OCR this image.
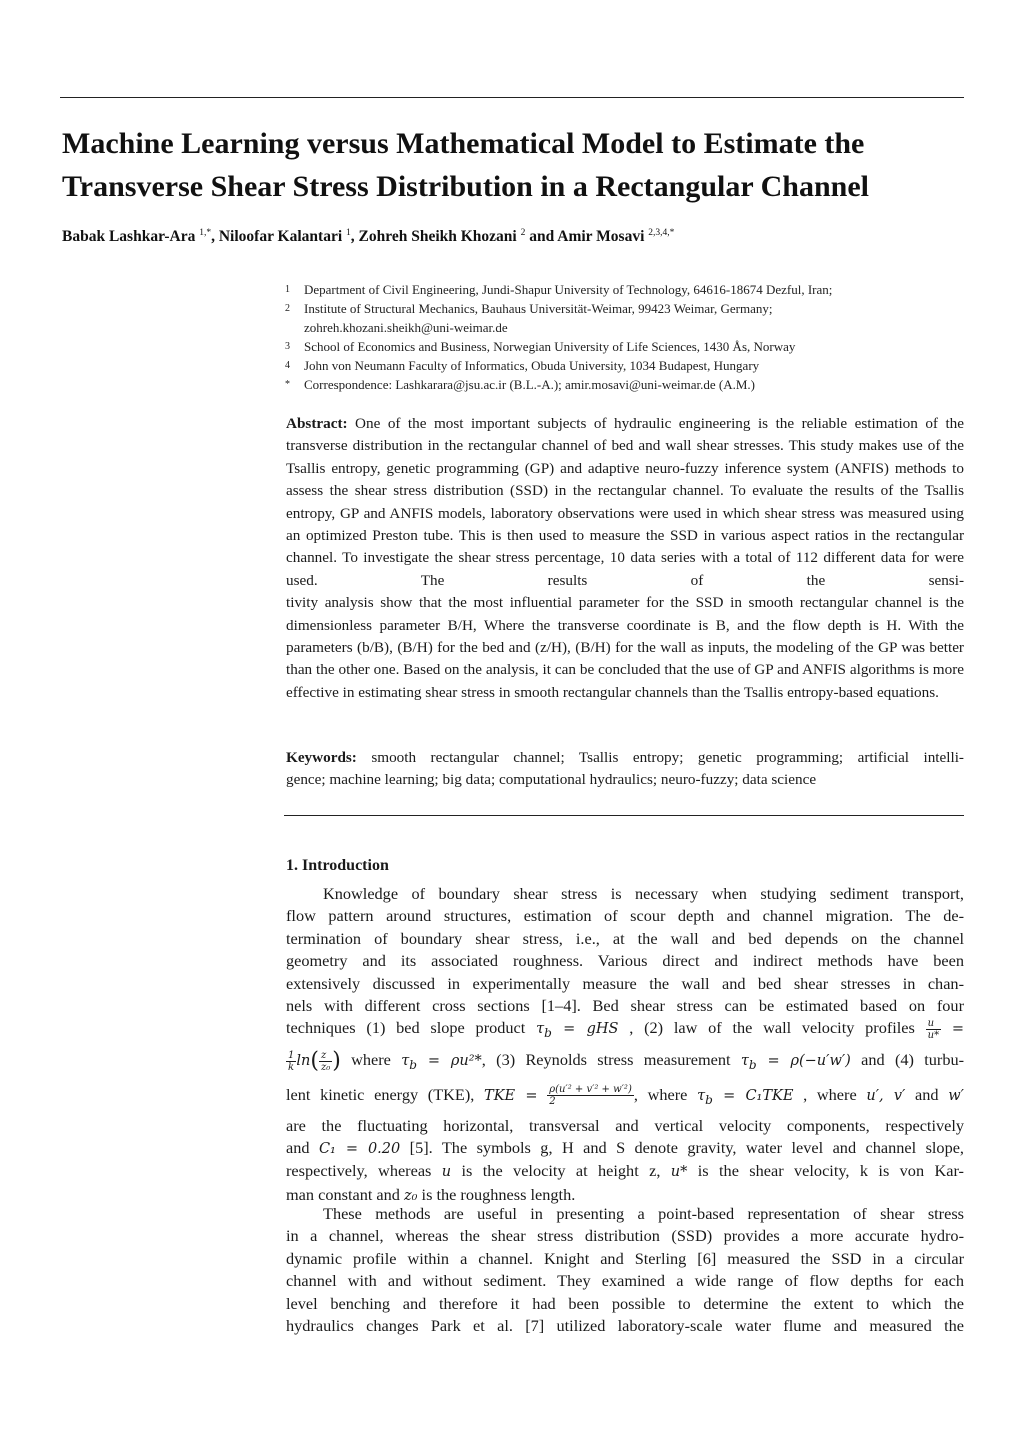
Machine Learning versus Mathematical Model to Estimate the Transverse Shear Stress Distribution in a Rectangular Channel
Babak Lashkar-Ara $^{1,*}$, Niloofar Kalantari $^1$, Zohreh Sheikh Khozani $^2$ and Amir Mosavi $^{2,3,4,*}$
1 Department of Civil Engineering, Jundi-Shapur University of Technology, 64616-18674 Dezful, Iran;
2 Institute of Structural Mechanics, Bauhaus Universität-Weimar, 99423 Weimar, Germany;
zohreh.khozani.sheikh@uni-weimar.de
3 School of Economics and Business, Norwegian University of Life Sciences, 1430 Ås, Norway
4 John von Neumann Faculty of Informatics, Obuda University, 1034 Budapest, Hungary
* Correspondence: Lashkarara@jsu.ac.ir (B.L.-A.); amir.mosavi@uni-weimar.de (A.M.)
Abstract: One of the most important subjects of hydraulic engineering is the reliable estimation of the transverse distribution in the rectangular channel of bed and wall shear stresses. This study makes use of the Tsallis entropy, genetic programming (GP) and adaptive neuro-fuzzy inference system (ANFIS) methods to assess the shear stress distribution (SSD) in the rectangular channel. To evaluate the results of the Tsallis entropy, GP and ANFIS models, laboratory observations were used in which shear stress was measured using an optimized Preston tube. This is then used to measure the SSD in various aspect ratios in the rectangular channel. To investigate the shear stress percentage, 10 data series with a total of 112 different data for were used. The results of the sensi-
tivity analysis show that the most influential parameter for the SSD in smooth rectangular channel is the dimensionless parameter B/H, Where the transverse coordinate is B, and the flow depth is H. With the parameters (b/B), (B/H) for the bed and (z/H), (B/H) for the wall as inputs, the modeling of the GP was better than the other one. Based on the analysis, it can be concluded that the use of GP and ANFIS algorithms is more effective in estimating shear stress in smooth rectangular channels than the Tsallis entropy-based equations.
Keywords: smooth rectangular channel; Tsallis entropy; genetic programming; artificial intelli-
gence; machine learning; big data; computational hydraulics; neuro-fuzzy; data science
1. Introduction
Knowledge of boundary shear stress is necessary when studying sediment transport,
flow pattern around structures, estimation of scour depth and channel migration. The de-
termination of boundary shear stress, i.e., at the wall and bed depends on the channel
geometry and its associated roughness. Various direct and indirect methods have been
extensively discussed in experimentally measure the wall and bed shear stresses in chan-
nels with different cross sections [1–4]. Bed shear stress can be estimated based on four
techniques (1) bed slope product $\tau_b$ = g𝐻𝑆 , (2) law of the wall velocity profiles $\frac{u}{u*}$ =
$\frac{1}{k} \ln( \frac{z}{\text{z₀}}$ ) where $\tau_b = \rho u^2*$, (3) Reynolds stress measurement $\tau_b = \rho(-u'w')$ and (4) turbu-
lent kinetic energy (TKE), TKE = $\frac{\text{ρ(u′² + v′² + w′²)}}{2}$ , where $\tau_b = C_1TKE$ , where u′, v′ and w′
are the fluctuating horizontal, transversal and vertical velocity components, respectively
and C₁ = 0.20 [5]. The symbols g, H and S denote gravity, water level and channel slope,
respectively, whereas u is the velocity at height z, u* is the shear velocity, k is von Kar-
man constant and z₀ is the roughness length.
These methods are useful in presenting a point-based representation of shear stress
in a channel, whereas the shear stress distribution (SSD) provides a more accurate hydro-
dynamic profile within a channel. Knight and Sterling [6] measured the SSD in a circular
channel with and without sediment. They examined a wide range of flow depths for each
level benching and therefore it had been possible to determine the extent to which the
hydraulics changes Park et al. [7] utilized laboratory-scale water flume and measured the
